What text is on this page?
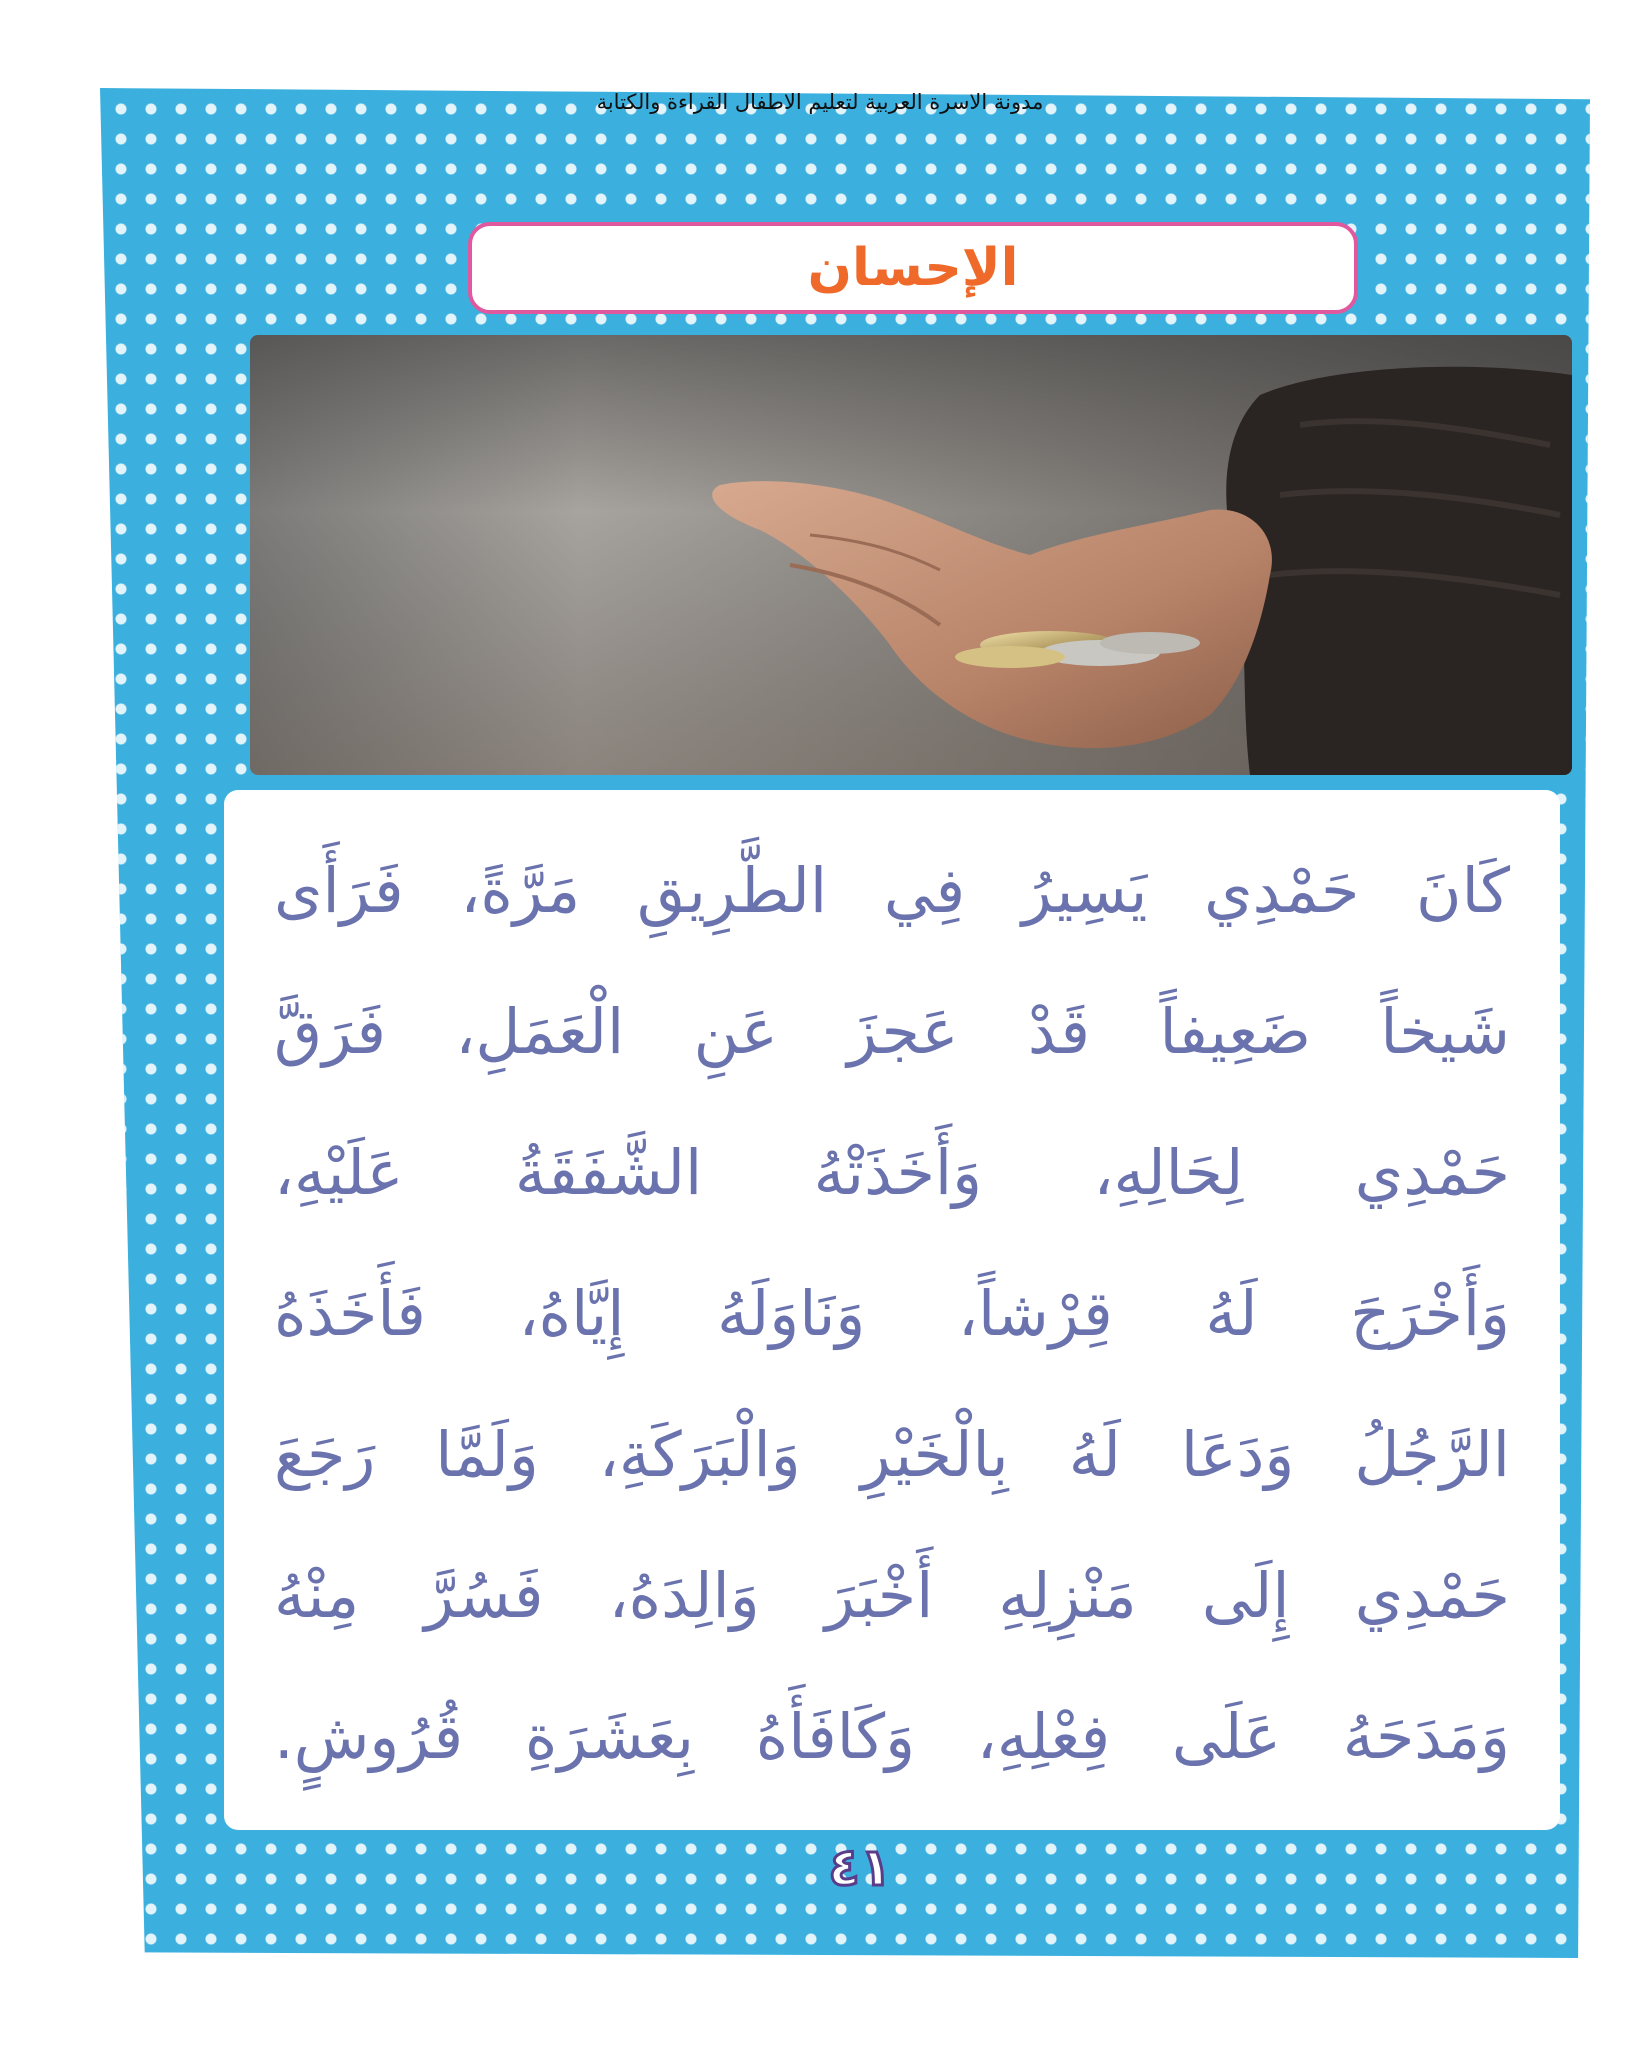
مدونة الاسرة العربية لتعليم الاطفال القراءة والكتابة
الإحسان
كَانَ حَمْدِي يَسِيرُ فِي الطَّرِيقِ مَرَّةً، فَرَأَى
شَيخاً ضَعِيفاً قَدْ عَجزَ عَنِ الْعَمَلِ، فَرَقَّ
حَمْدِي لِحَالِهِ، وَأَخَذَتْهُ الشَّفَقَةُ عَلَيْهِ،
وَأَخْرَجَ لَهُ قِرْشاً، وَنَاوَلَهُ إِيَّاهُ، فَأَخَذَهُ
الرَّجُلُ وَدَعَا لَهُ بِالْخَيْرِ وَالْبَرَكَةِ، وَلَمَّا رَجَعَ
حَمْدِي إِلَى مَنْزِلِهِ أَخْبَرَ وَالِدَهُ، فَسُرَّ مِنْهُ
وَمَدَحَهُ عَلَى فِعْلِهِ، وَكَافَأَهُ بِعَشَرَةِ قُرُوشٍ.
٤١
